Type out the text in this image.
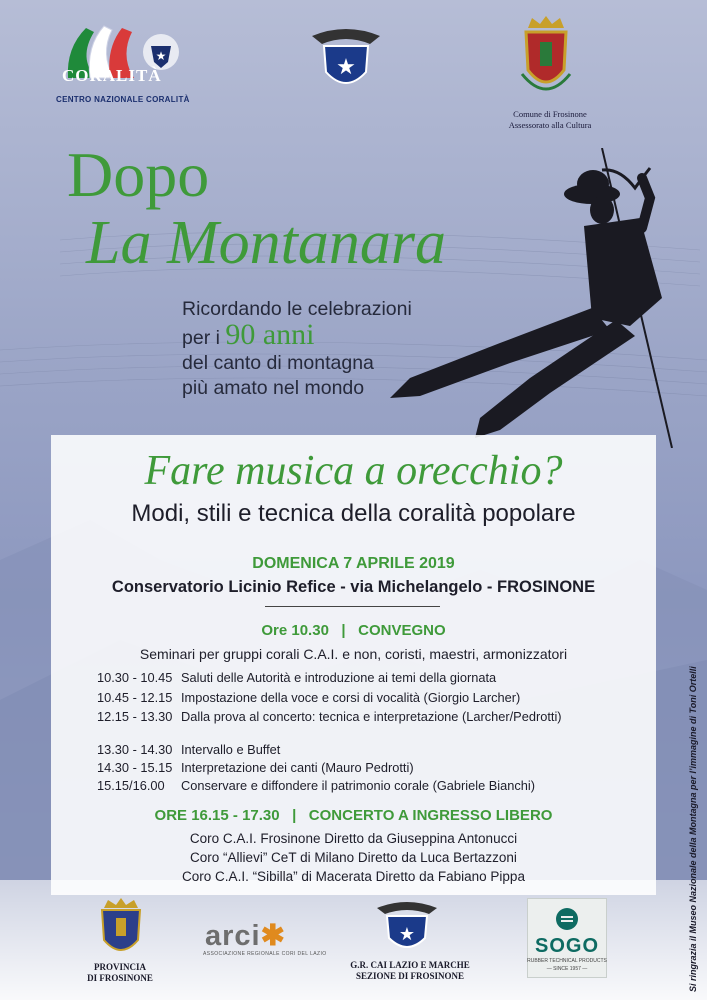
★
CORALITÀ
CENTRO NAZIONALE CORALITÀ
★
Comune di Frosinone
Assessorato alla Cultura
Dopo
La Montanara
Ricordando le celebrazioni
per i 90 anni
del canto di montagna
più amato nel mondo
Fare musica a orecchio?
Modi, stili e tecnica della coralità popolare
DOMENICA 7 APRILE 2019
Conservatorio Licinio Refice - via Michelangelo - FROSINONE
Ore 10.30   |   CONVEGNO
Seminari per gruppi corali C.A.I. e non, coristi, maestri, armonizzatori
10.30 - 10.45 Saluti delle Autorità e introduzione ai temi della giornata
10.45 - 12.15 Impostazione della voce e corsi di vocalità (Giorgio Larcher)
12.15 - 13.30 Dalla prova al concerto: tecnica e interpretazione (Larcher/Pedrotti)
13.30 - 14.30 Intervallo e Buffet
14.30 - 15.15 Interpretazione dei canti (Mauro Pedrotti)
15.15/16.00 Conservare e diffondere il patrimonio corale (Gabriele Bianchi)
ORE 16.15 - 17.30   |   CONCERTO A INGRESSO LIBERO
Coro C.A.I. Frosinone Diretto da Giuseppina Antonucci
Coro “Allievi” CeT di Milano Diretto da Luca Bertazzoni
Coro C.A.I. “Sibilla” di Macerata Diretto da Fabiano Pippa
PROVINCIA
DI FROSINONE
arci✱
ASSOCIAZIONE REGIONALE CORI DEL LAZIO
★
G.R. CAI LAZIO E MARCHE
SEZIONE DI FROSINONE
SOGO
RUBBER TECHNICAL PRODUCTS
— SINCE 1957 —	Si ringrazia il Museo Nazionale della Montagna per l’immagine di Toni Ortelli
